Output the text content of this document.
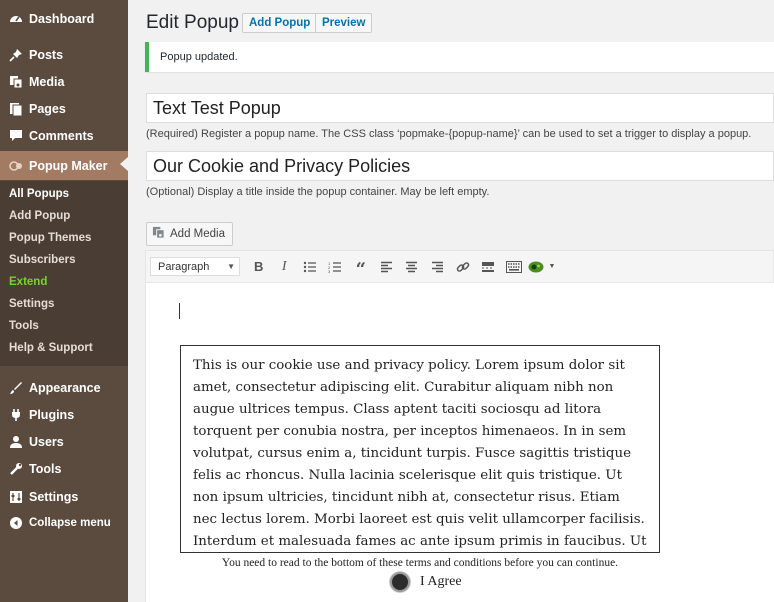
Dashboard
Posts
Media
Pages
Comments
Popup Maker
All Popups
Add Popup
Popup Themes
Subscribers
Extend
Settings
Tools
Help & Support
Appearance
Plugins
Users
Tools
Settings
Collapse menu
Edit Popup Add Popup	Preview
Popup updated.
Text Test Popup
(Required) Register a popup name. The CSS class ‘popmake-{popup-name}’ can be used to set a trigger to display a popup.
Our Cookie and Privacy Policies
(Optional) Display a title inside the popup container. May be left empty.
Add Media
Paragraph ▼ B I	1
2
3 “	▼
This is our cookie use and privacy policy. Lorem ipsum dolor sit amet, consectetur adipiscing elit. Curabitur aliquam nibh non augue ultrices tempus. Class aptent taciti sociosqu ad litora torquent per conubia nostra, per inceptos himenaeos. In in sem volutpat, cursus enim a, tincidunt turpis. Fusce sagittis tristique felis ac rhoncus. Nulla lacinia scelerisque elit quis tristique. Ut non ipsum ultricies, tincidunt nibh at, consectetur risus. Etiam nec lectus lorem. Morbi laoreet est quis velit ullamcorper facilisis. Interdum et malesuada fames ac ante ipsum primis in faucibus. Ut
You need to read to the bottom of these terms and conditions before you can continue.
I Agree
